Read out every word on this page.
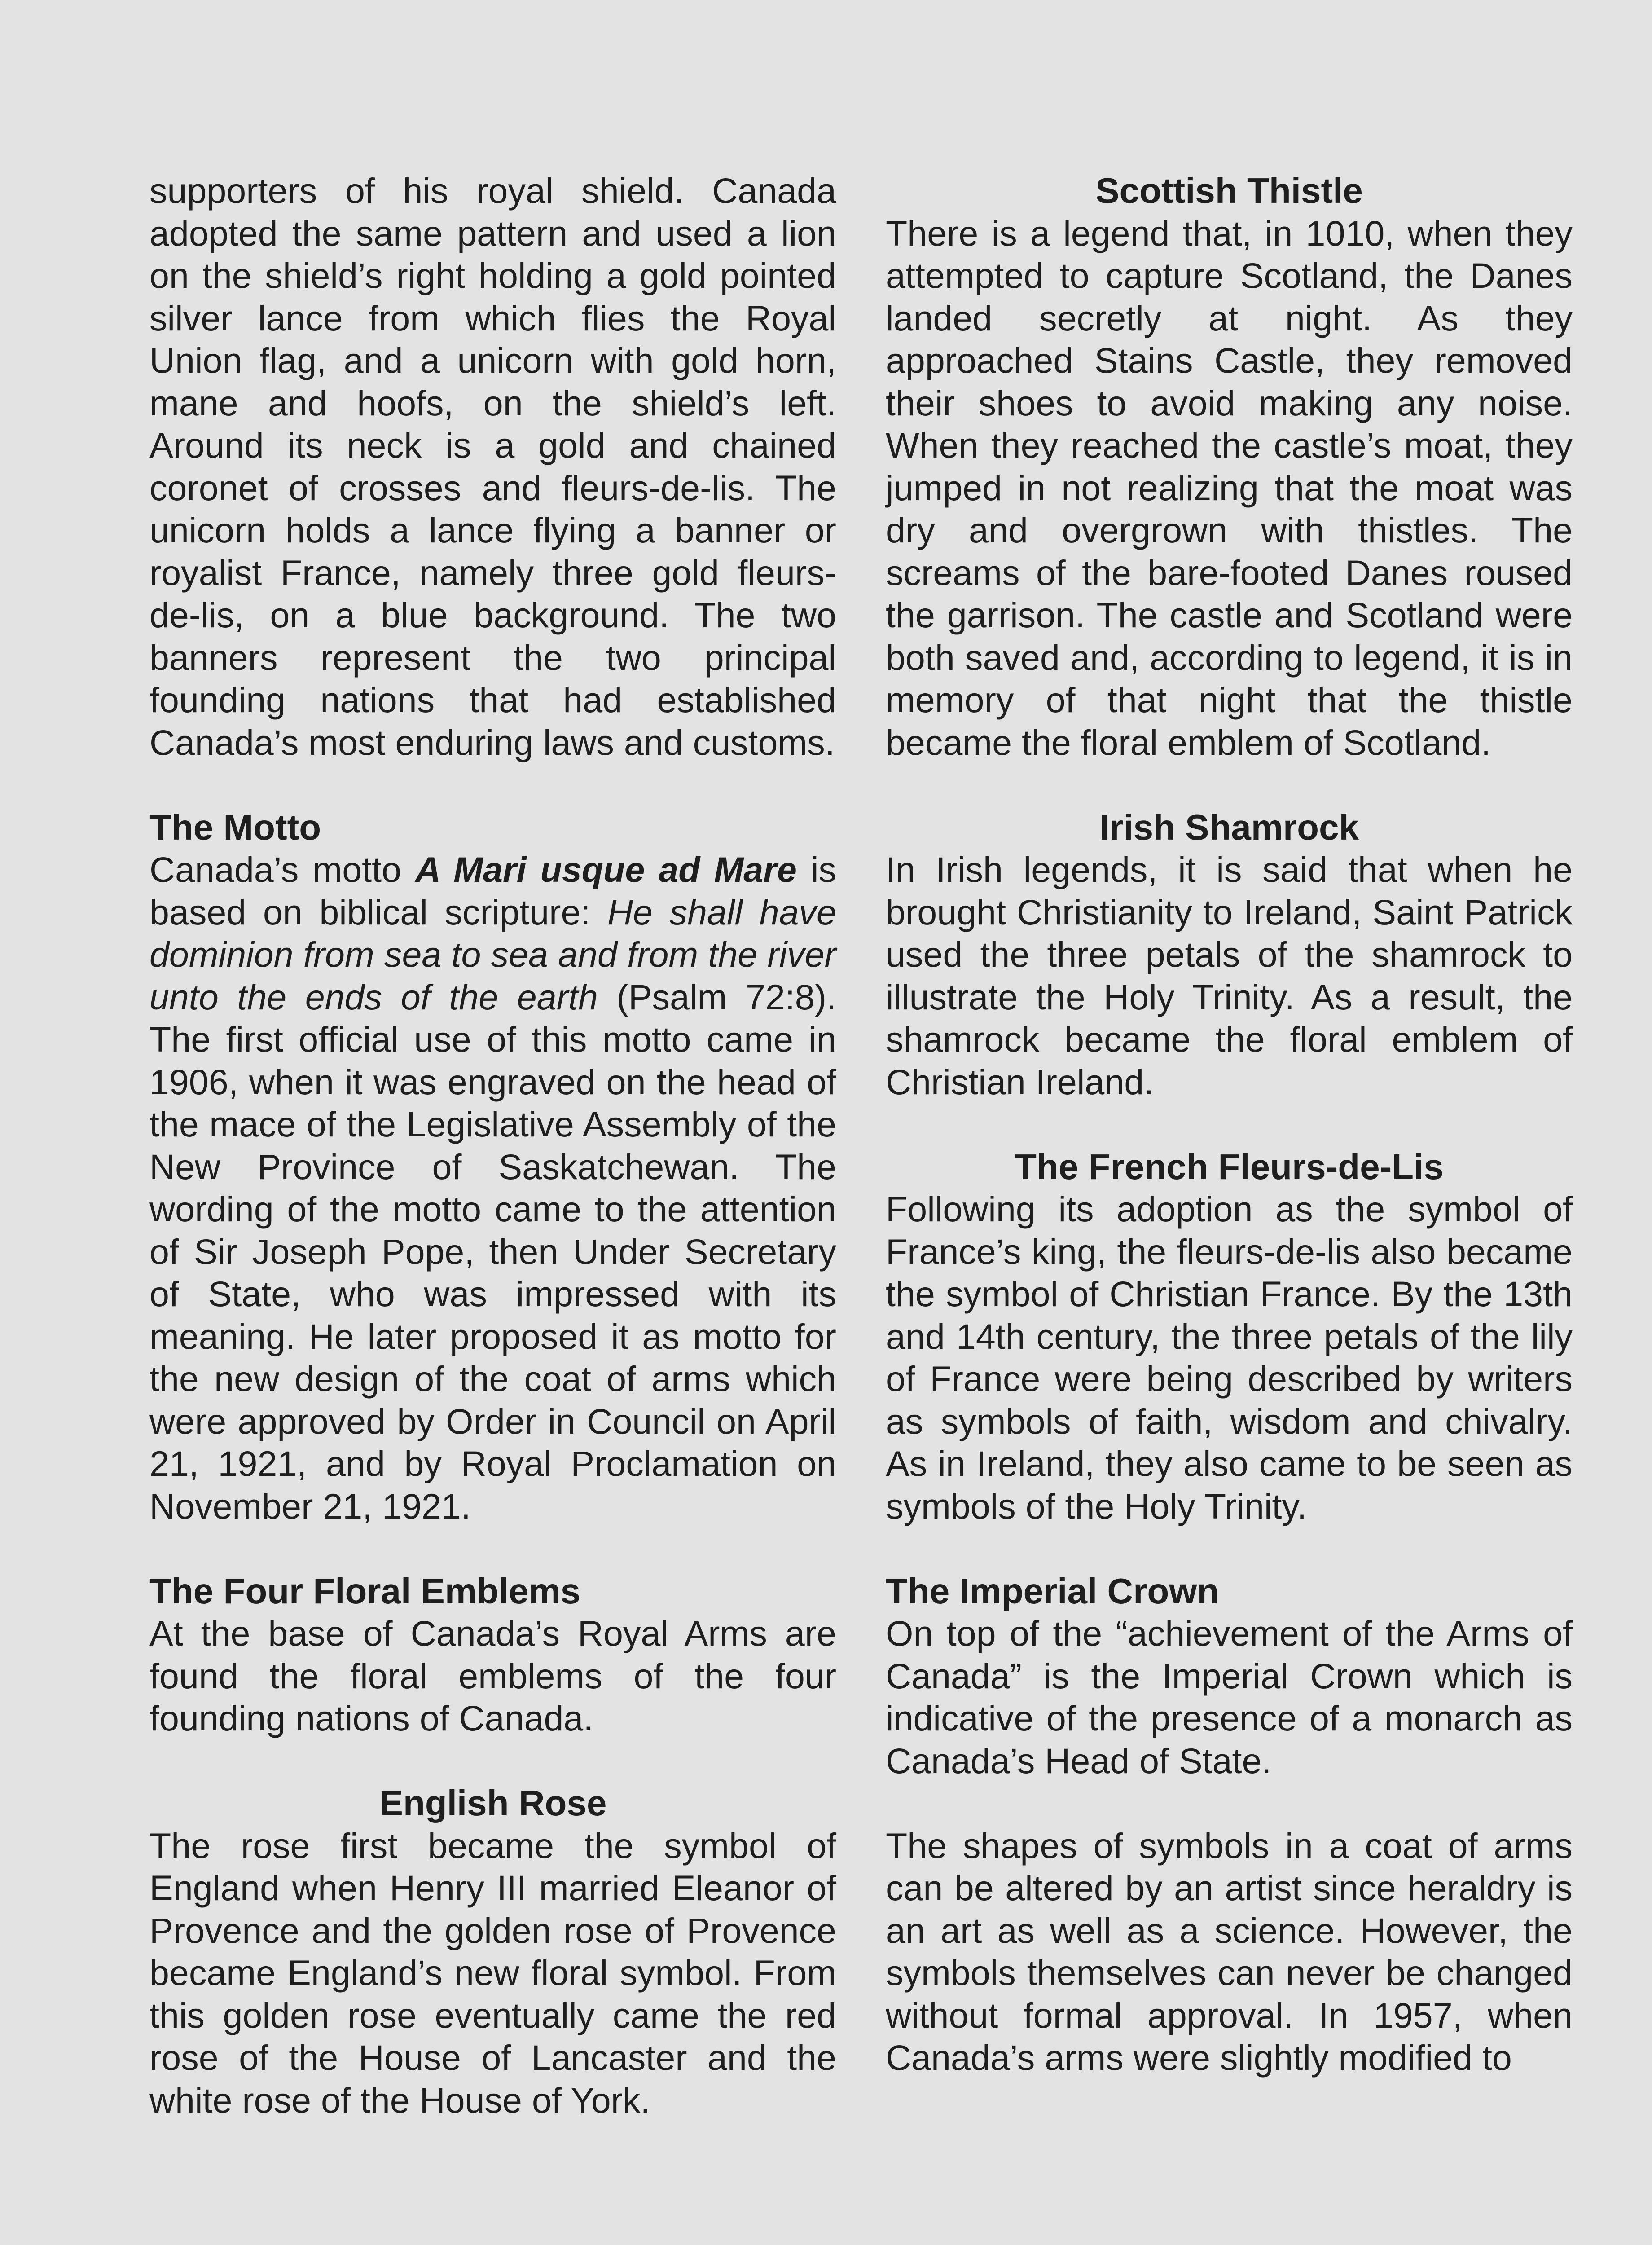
supporters of his royal shield. Canada adopted the same pattern and used a lion on the shield’s right holding a gold pointed silver lance from which flies the Royal Union flag, and a unicorn with gold horn, mane and hoofs, on the shield’s left. Around its neck is a gold and chained coronet of crosses and fleurs-de-lis. The unicorn holds a lance flying a banner or royalist France, namely three gold fleurs-de-lis, on a blue background. The two banners represent the two principal founding nations that had established Canada’s most enduring laws and customs.

The Motto

Canada’s motto A Mari usque ad Mare is based on biblical scripture: He shall have dominion from sea to sea and from the river unto the ends of the earth (Psalm 72:8). The first official use of this motto came in 1906, when it was engraved on the head of the mace of the Legislative Assembly of the New Province of Saskatchewan. The wording of the motto came to the attention of Sir Joseph Pope, then Under Secretary of State, who was impressed with its meaning. He later proposed it as motto for the new design of the coat of arms which were approved by Order in Council on April 21, 1921, and by Royal Proclamation on November 21, 1921.

The Four Floral Emblems

At the base of Canada’s Royal Arms are found the floral emblems of the four founding nations of Canada.

English Rose

The rose first became the symbol of England when Henry III married Eleanor of Provence and the golden rose of Provence became England’s new floral symbol. From this golden rose eventually came the red rose of the House of Lancaster and the white rose of the House of York.

Scottish Thistle

There is a legend that, in 1010, when they attempted to capture Scotland, the Danes landed secretly at night. As they approached Stains Castle, they removed their shoes to avoid making any noise. When they reached the castle’s moat, they jumped in not realizing that the moat was dry and overgrown with thistles. The screams of the bare-footed Danes roused the garrison. The castle and Scotland were both saved and, according to legend, it is in memory of that night that the thistle became the floral emblem of Scotland.

Irish Shamrock

In Irish legends, it is said that when he brought Christianity to Ireland, Saint Patrick used the three petals of the shamrock to illustrate the Holy Trinity. As a result, the shamrock became the floral emblem of Christian Ireland.

The French Fleurs-de-Lis

Following its adoption as the symbol of France’s king, the fleurs-de-lis also became the symbol of Christian France. By the 13th and 14th century, the three petals of the lily of France were being described by writers as symbols of faith, wisdom and chivalry. As in Ireland, they also came to be seen as symbols of the Holy Trinity.

The Imperial Crown

On top of the “achievement of the Arms of Canada” is the Imperial Crown which is indicative of the presence of a monarch as Canada’s Head of State.

The shapes of symbols in a coat of arms can be altered by an artist since heraldry is an art as well as a science. However, the symbols themselves can never be changed without formal approval. In 1957, when Canada’s arms were slightly modified to
